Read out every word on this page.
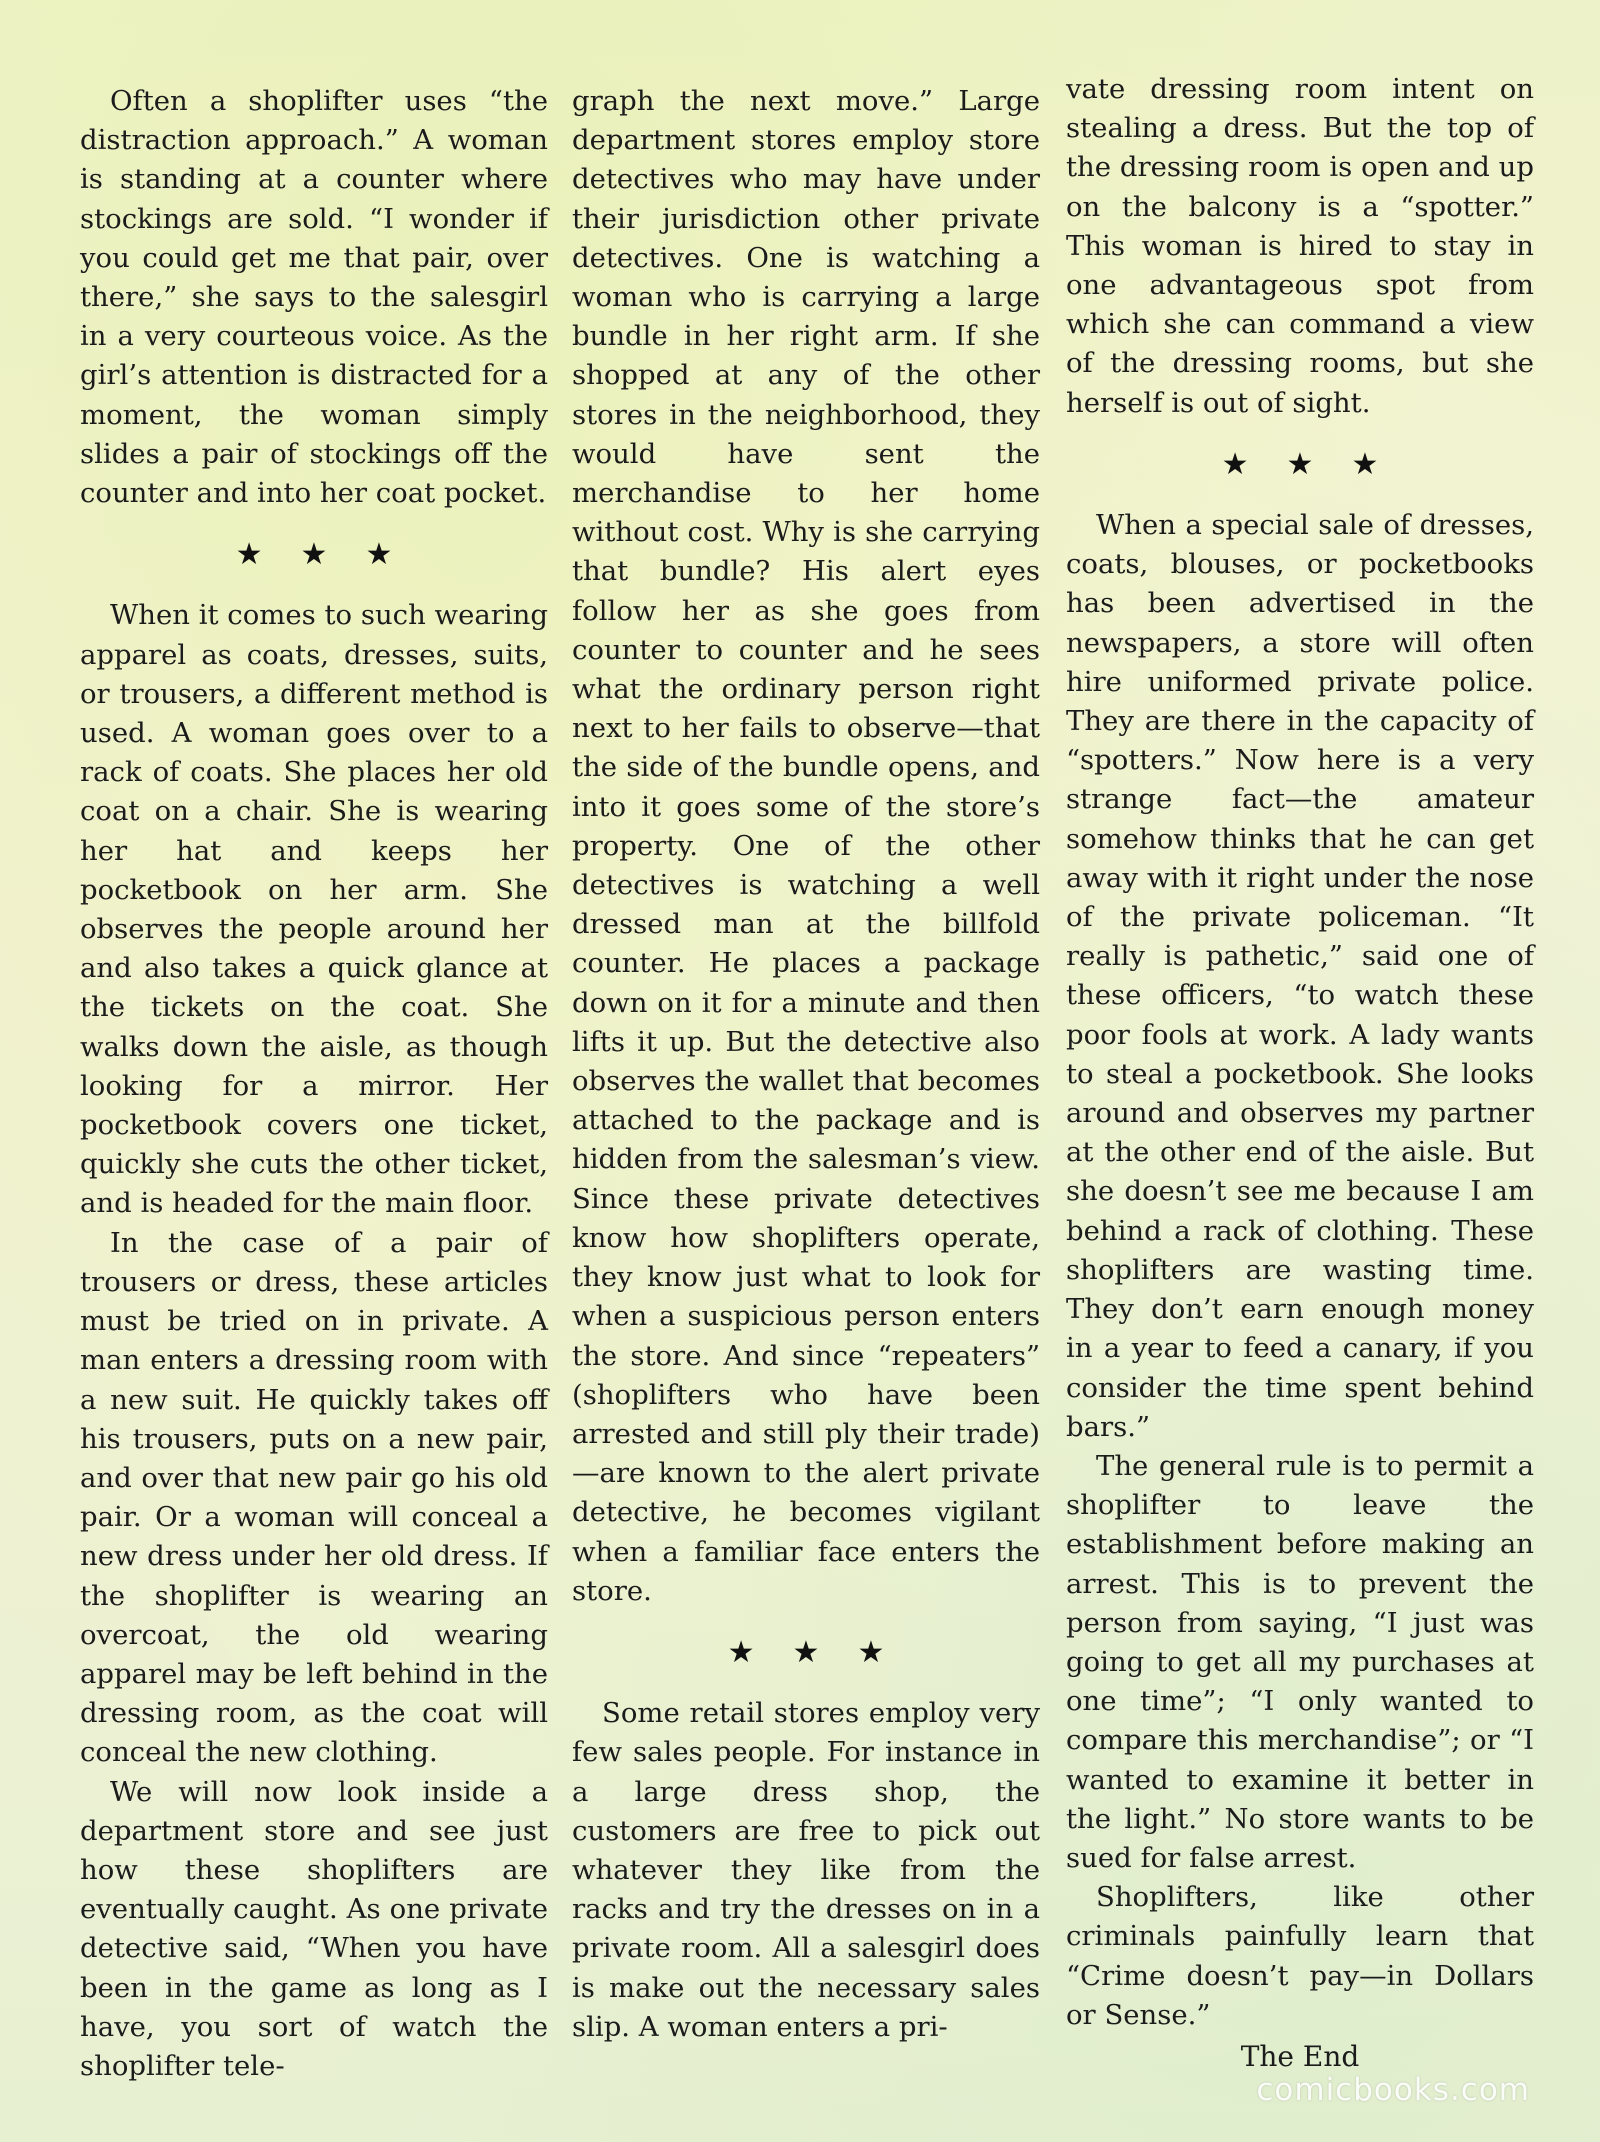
Often a shoplifter uses “the distraction approach.” A woman is standing at a counter where stockings are sold. “I wonder if you could get me that pair, over there,” she says to the salesgirl in a very courteous voice. As the girl’s attention is distracted for a moment, the woman simply slides a pair of stockings off the counter and into her coat pocket.

★★★

When it comes to such wearing apparel as coats, dresses, suits, or trousers, a different method is used. A woman goes over to a rack of coats. She places her old coat on a chair. She is wearing her hat and keeps her pocketbook on her arm. She observes the people around her and also takes a quick glance at the tickets on the coat. She walks down the aisle, as though looking for a mirror. Her pocketbook covers one ticket, quickly she cuts the other ticket, and is headed for the main floor.

In the case of a pair of trousers or dress, these articles must be tried on in private. A man enters a dressing room with a new suit. He quickly takes off his trousers, puts on a new pair, and over that new pair go his old pair. Or a woman will conceal a new dress under her old dress. If the shoplifter is wearing an overcoat, the old wearing apparel may be left behind in the dressing room, as the coat will conceal the new clothing.

We will now look inside a department store and see just how these shoplifters are eventually caught. As one private detective said, “When you have been in the game as long as I have, you sort of watch the shoplifter tele-

graph the next move.” Large department stores employ store detectives who may have under their jurisdiction other private detectives. One is watching a woman who is carrying a large bundle in her right arm. If she shopped at any of the other stores in the neighborhood, they would have sent the merchandise to her home without cost. Why is she carrying that bundle? His alert eyes follow her as she goes from counter to counter and he sees what the ordinary person right next to her fails to observe—that the side of the bundle opens, and into it goes some of the store’s property. One of the other detectives is watching a well dressed man at the billfold counter. He places a package down on it for a minute and then lifts it up. But the detective also observes the wallet that becomes attached to the package and is hidden from the salesman’s view. Since these private detectives know how shoplifters operate, they know just what to look for when a suspicious person enters the store. And since “repeaters” (shoplifters who have been arrested and still ply their trade)—are known to the alert private detective, he becomes vigilant when a familiar face enters the store.

★★★

Some retail stores employ very few sales people. For instance in a large dress shop, the customers are free to pick out whatever they like from the racks and try the dresses on in a private room. All a salesgirl does is make out the necessary sales slip. A woman enters a pri-

vate dressing room intent on stealing a dress. But the top of the dressing room is open and up on the balcony is a “spotter.” This woman is hired to stay in one advantageous spot from which she can command a view of the dressing rooms, but she herself is out of sight.

★★★

When a special sale of dresses, coats, blouses, or pocketbooks has been advertised in the newspapers, a store will often hire uniformed private police. They are there in the capacity of “spotters.” Now here is a very strange fact—the amateur somehow thinks that he can get away with it right under the nose of the private policeman. “It really is pathetic,” said one of these officers, “to watch these poor fools at work. A lady wants to steal a pocketbook. She looks around and observes my partner at the other end of the aisle. But she doesn’t see me because I am behind a rack of clothing. These shoplifters are wasting time. They don’t earn enough money in a year to feed a canary, if you consider the time spent behind bars.”

The general rule is to permit a shoplifter to leave the establishment before making an arrest. This is to prevent the person from saying, “I just was going to get all my purchases at one time”; “I only wanted to compare this merchandise”; or “I wanted to examine it better in the light.” No store wants to be sued for false arrest.

Shoplifters, like other criminals painfully learn that “Crime doesn’t pay—in Dollars or Sense.”

The End
comicbooks.com
